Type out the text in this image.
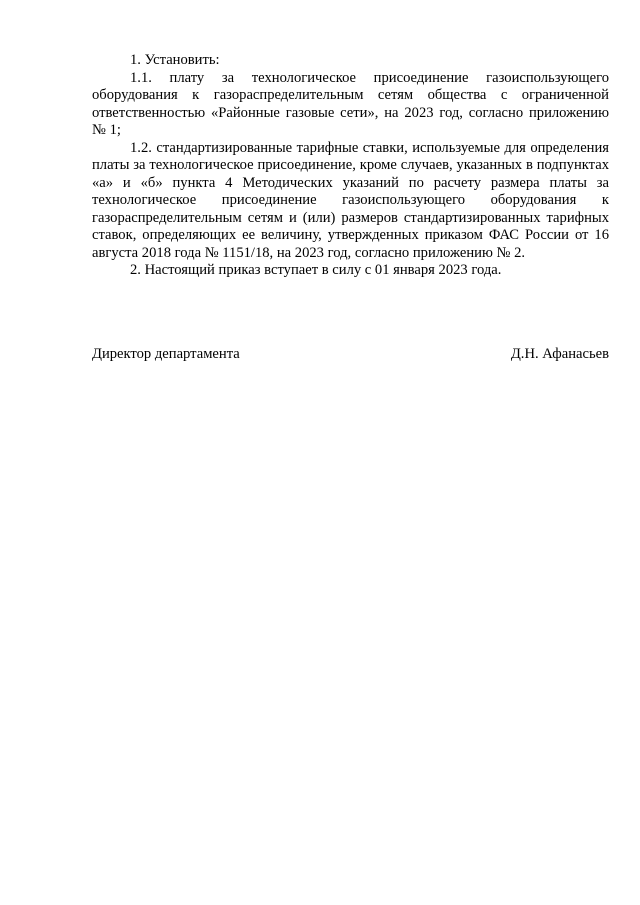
1. Установить:

1.1. плату за технологическое присоединение газоиспользующего оборудования к газораспределительным сетям общества с ограниченной ответственностью «Районные газовые сети», на 2023 год, согласно приложению № 1;

1.2. стандартизированные тарифные ставки, используемые для определения платы за технологическое присоединение, кроме случаев, указанных в подпунктах «а» и «б» пункта 4 Методических указаний по расчету размера платы за технологическое присоединение газоиспользующего оборудования к газораспределительным сетям и (или) размеров стандартизированных тарифных ставок, определяющих ее величину, утвержденных приказом ФАС России от 16 августа 2018 года № 1151/18, на 2023 год, согласно приложению № 2.

2. Настоящий приказ вступает в силу с 01 января 2023 года.

Директор департамента	Д.Н. Афанасьев
